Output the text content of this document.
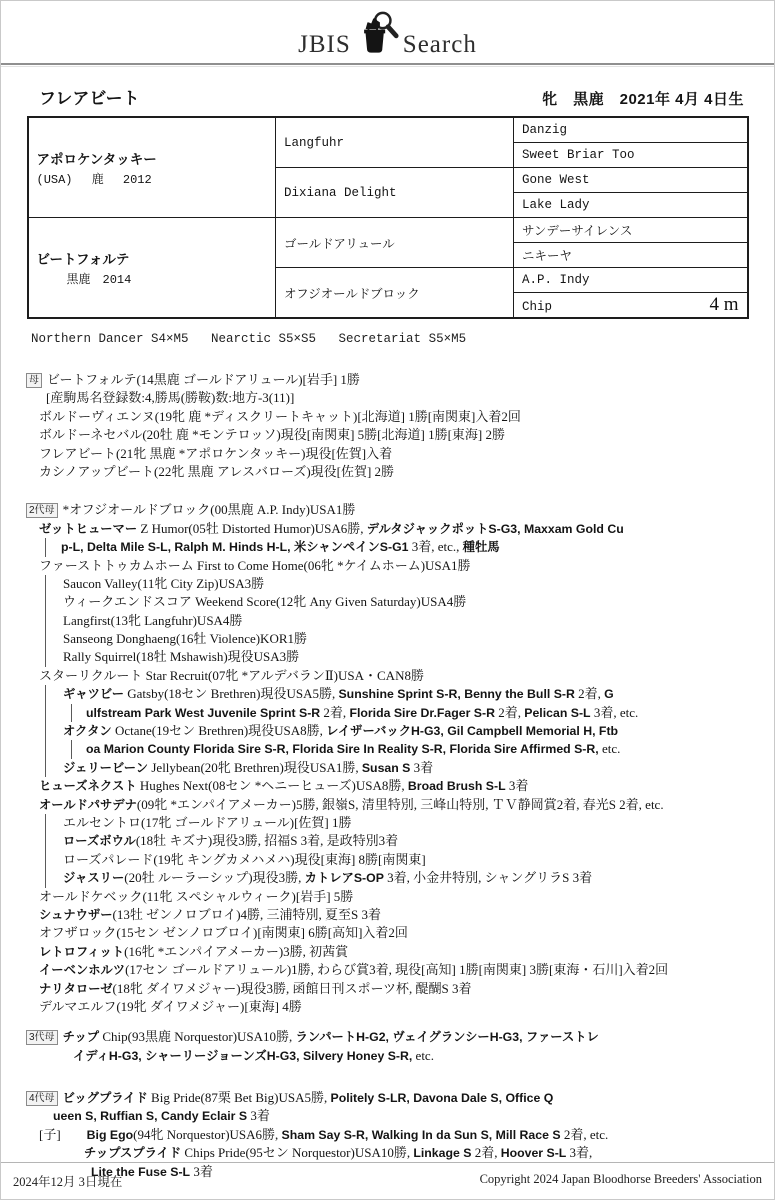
JBIS Search
フレアビート	牝　黒鹿　2021年 4月 4日生
アポロケンタッキー
(USA)　 鹿　 2012	Langfuhr	Danzig
		Sweet Briar Too
	Dixiana Delight	Gone West
		Lake Lady

ビートフォルテ
黒鹿　2014	ゴールドアリュール	サンデーサイレンス
		ニキーヤ
	オフジオールドブロック	A.P. Indy

		Chip 4 m
Northern Dancer S4×M5   Nearctic S5×S5   Secretariat S5×M5
母 ビートフォルテ(14黒鹿 ゴールドアリュール)[岩手] 1勝
[産駒馬名登録数:4,勝馬(勝鞍)数:地方-3(11)]
ボルドーヴィエンヌ(19牝 鹿 *ディスクリートキャット)[北海道] 1勝[南関東]入着2回
ボルドーネセバル(20牡 鹿 *モンテロッソ)現役[南関東] 5勝[北海道] 1勝[東海] 2勝
フレアビート(21牝 黒鹿 *アポロケンタッキー)現役[佐賀]入着
カシノアップビート(22牝 黒鹿 アレスバローズ)現役[佐賀] 2勝
2代母 *オフジオールドブロック(00黒鹿 A.P. Indy)USA1勝
ゼットヒューマー Z Humor(05牡 Distorted Humor)USA6勝, デルタジャックポットS-G3, Maxxam Gold Cu
p-L, Delta Mile S-L, Ralph M. Hinds H-L, 米シャンペインS-G1 3着, etc., 種牡馬
ファーストトゥカムホーム First to Come Home(06牝 *ケイムホーム)USA1勝
Saucon Valley(11牝 City Zip)USA3勝
ウィークエンドスコア Weekend Score(12牝 Any Given Saturday)USA4勝
Langfirst(13牝 Langfuhr)USA4勝
Sanseong Donghaeng(16牡 Violence)KOR1勝
Rally Squirrel(18牡 Mshawish)現役USA3勝
スターリクルート Star Recruit(07牝 *アルデバランⅡ)USA・CAN8勝
ギャツビー Gatsby(18セン Brethren)現役USA5勝, Sunshine Sprint S-R, Benny the Bull S-R 2着, G
ulfstream Park West Juvenile Sprint S-R 2着, Florida Sire Dr.Fager S-R 2着, Pelican S-L 3着, etc.
オクタン Octane(19セン Brethren)現役USA8勝, レイザーバックH-G3, Gil Campbell Memorial H, Ftb
oa Marion County Florida Sire S-R, Florida Sire In Reality S-R, Florida Sire Affirmed S-R, etc.
ジェリービーン Jellybean(20牝 Brethren)現役USA1勝, Susan S 3着
ヒューズネクスト Hughes Next(08セン *ヘニーヒューズ)USA8勝, Broad Brush S-L 3着
オールドパサデナ(09牝 *エンパイアメーカー)5勝, 銀嶺S, 清里特別, 三峰山特別, ＴＶ静岡賞2着, 春光S 2着, etc.
エルセントロ(17牝 ゴールドアリュール)[佐賀] 1勝
ローズボウル(18牡 キズナ)現役3勝, 招福S 3着, 是政特別3着
ローズパレード(19牝 キングカメハメハ)現役[東海] 8勝[南関東]
ジャスリー(20牡 ルーラーシップ)現役3勝, カトレアS-OP 3着, 小金井特別, シャングリラS 3着
オールドケベック(11牝 スペシャルウィーク)[岩手] 5勝
シュナウザー(13牡 ゼンノロブロイ)4勝, 三浦特別, 夏至S 3着
オフザロック(15セン ゼンノロブロイ)[南関東] 6勝[高知]入着2回
レトロフィット(16牝 *エンパイアメーカー)3勝, 初茜賞
イーベンホルツ(17セン ゴールドアリュール)1勝, わらび賞3着, 現役[高知] 1勝[南関東] 3勝[東海・石川]入着2回
ナリタローゼ(18牝 ダイワメジャー)現役3勝, 函館日刊スポーツ杯, 醍醐S 3着
デルマエルフ(19牝 ダイワメジャー)[東海] 4勝
3代母 チップ Chip(93黒鹿 Norquestor)USA10勝, ランパートH-G2, ヴェイグランシーH-G3, ファーストレ
イディH-G3, シャーリージョーンズH-G3, Silvery Honey S-R, etc.
4代母 ビッグプライド Big Pride(87栗 Bet Big)USA5勝, Politely S-LR, Davona Dale S, Office Q
ueen S, Ruffian S, Candy Eclair S 3着
[子]　　Big Ego(94牝 Norquestor)USA6勝, Sham Say S-R, Walking In da Sun S, Mill Race S 2着, etc.
チップスプライド Chips Pride(95セン Norquestor)USA10勝, Linkage S 2着, Hoover S-L 3着,
Lite the Fuse S-L 3着
2024年12月 3日現在	Copyright 2024 Japan Bloodhorse Breeders' Association
